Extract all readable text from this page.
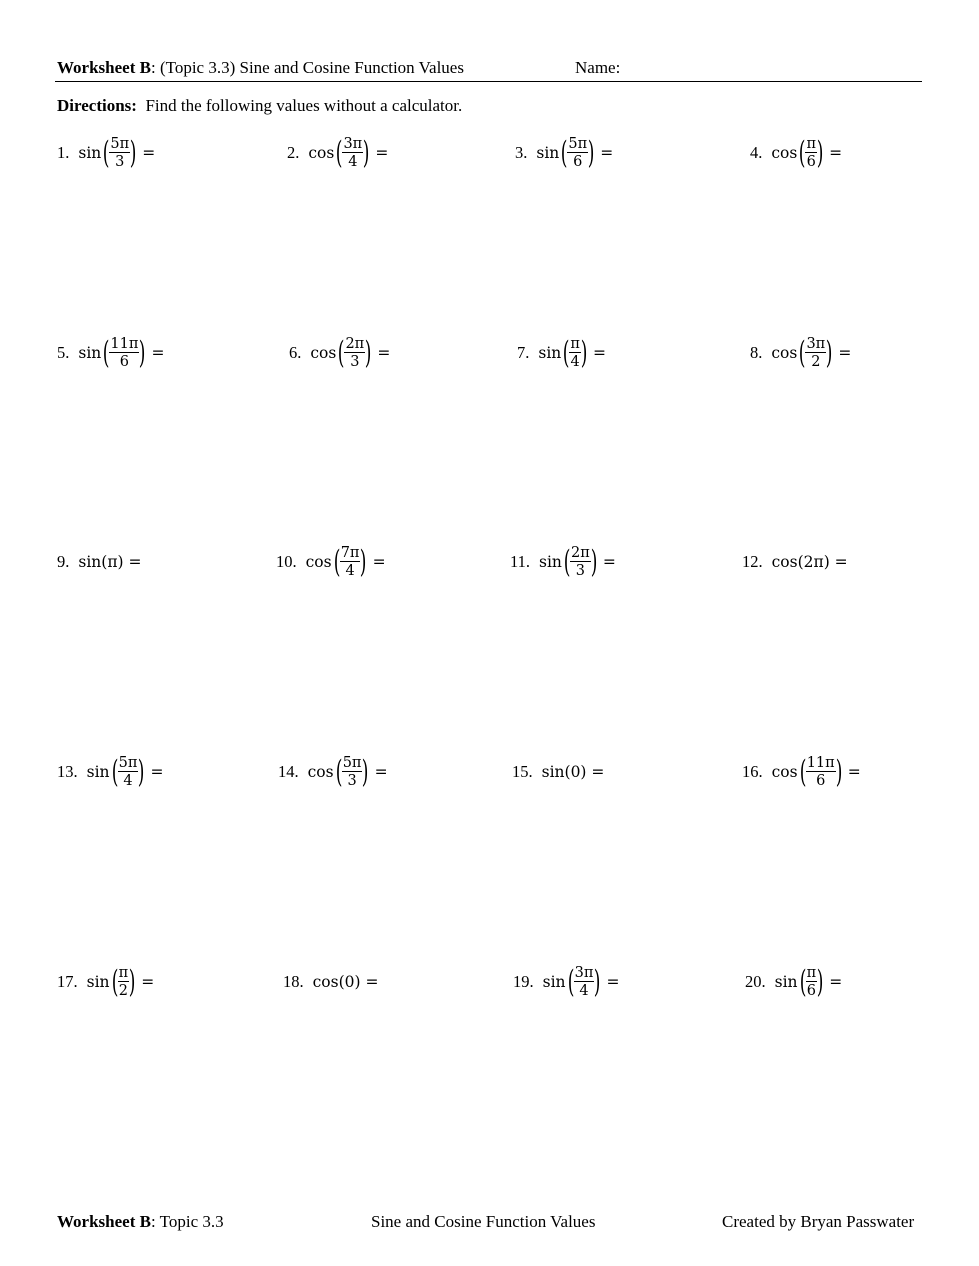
Worksheet B: (Topic 3.3) Sine and Cosine Function Values	Name:
Directions: Find the following values without a calculator.
1. sin ( $\frac{5\pi}{3}$ ) =	2. cos ( $\frac{3\pi}{4}$ ) =	3. sin ( $\frac{5\pi}{6}$ ) =	4. cos ( $\frac{\pi}{6}$ ) =
5. sin ( $\frac{11\pi}{6}$ ) =	6. cos ( $\frac{2\pi}{3}$ ) =	7. sin ( $\frac{\pi}{4}$ ) =	8. cos ( $\frac{3\pi}{2}$ ) =
9. sin(π) =	10. cos ( $\frac{7\pi}{4}$ ) =	11. sin ( $\frac{2\pi}{3}$ ) =	12. cos(2π) =
13. sin ( $\frac{5\pi}{4}$ ) =	14. cos ( $\frac{5\pi}{3}$ ) =	15. sin(0) =	16. cos ( $\frac{11\pi}{6}$ ) =
17. sin ( $\frac{\pi}{2}$ ) =	18. cos(0) =	19. sin ( $\frac{3\pi}{4}$ ) =	20. sin ( $\frac{\pi}{6}$ ) =
Worksheet B: Topic 3.3	Sine and Cosine Function Values	Created by Bryan Passwater
